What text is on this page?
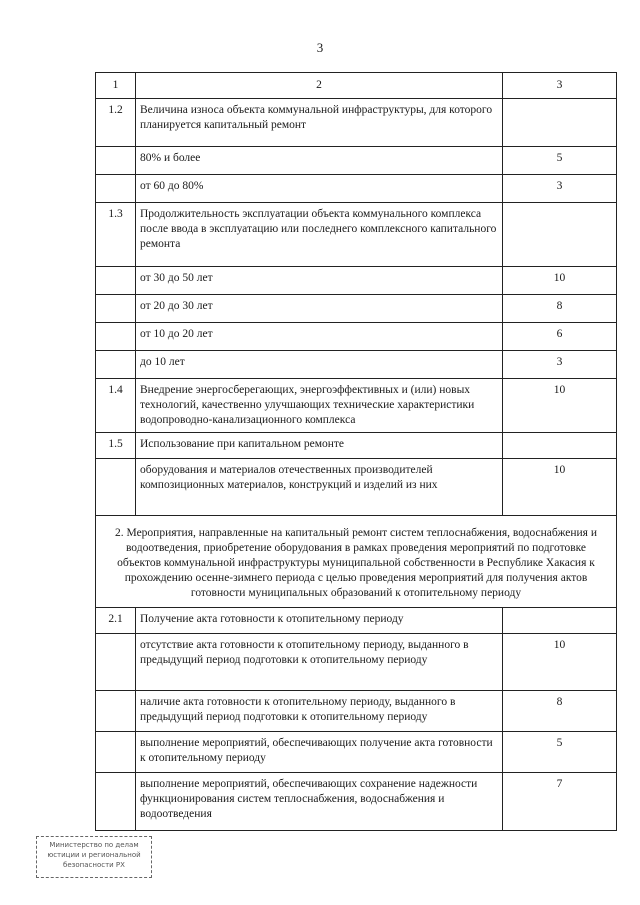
3
1	2	3
1.2	Величина износа объекта коммунальной инфраструктуры, для которого планируется капитальный ремонт	
	80% и более	5
	от 60 до 80%	3
1.3	Продолжительность эксплуатации объекта коммунального комплекса после ввода в эксплуатацию или последнего комплексного капитального ремонта	
	от 30 до 50 лет	10
	от 20 до 30 лет	8
	от 10 до 20 лет	6
	до 10 лет	3
1.4	Внедрение энергосберегающих, энергоэффективных и (или) новых технологий, качественно улучшающих технические характеристики водопроводно-канализационного комплекса	10
1.5	Использование при капитальном ремонте	
	оборудования и материалов отечественных производителей композиционных материалов, конструкций и изделий из них	10
2. Мероприятия, направленные на капитальный ремонт систем теплоснабжения, водоснабжения и водоотведения, приобретение оборудования в рамках проведения мероприятий по подготовке объектов коммунальной инфраструктуры муниципальной собственности в Республике Хакасия к прохождению осенне-зимнего периода с целью проведения мероприятий для получения актов готовности муниципальных образований к отопительному периоду		
2.1	Получение акта готовности к отопительному периоду	
	отсутствие акта готовности к отопительному периоду, выданного в предыдущий период подготовки к отопительному периоду	10
	наличие акта готовности к отопительному периоду, выданного в предыдущий период подготовки к отопительному периоду	8
	выполнение мероприятий, обеспечивающих получение акта готовности к отопительному периоду	5
	выполнение мероприятий, обеспечивающих сохранение надежности функционирования систем теплоснабжения, водоснабжения и водоотведения	7
Министерство по делам юстиции и региональной безопасности РХ
